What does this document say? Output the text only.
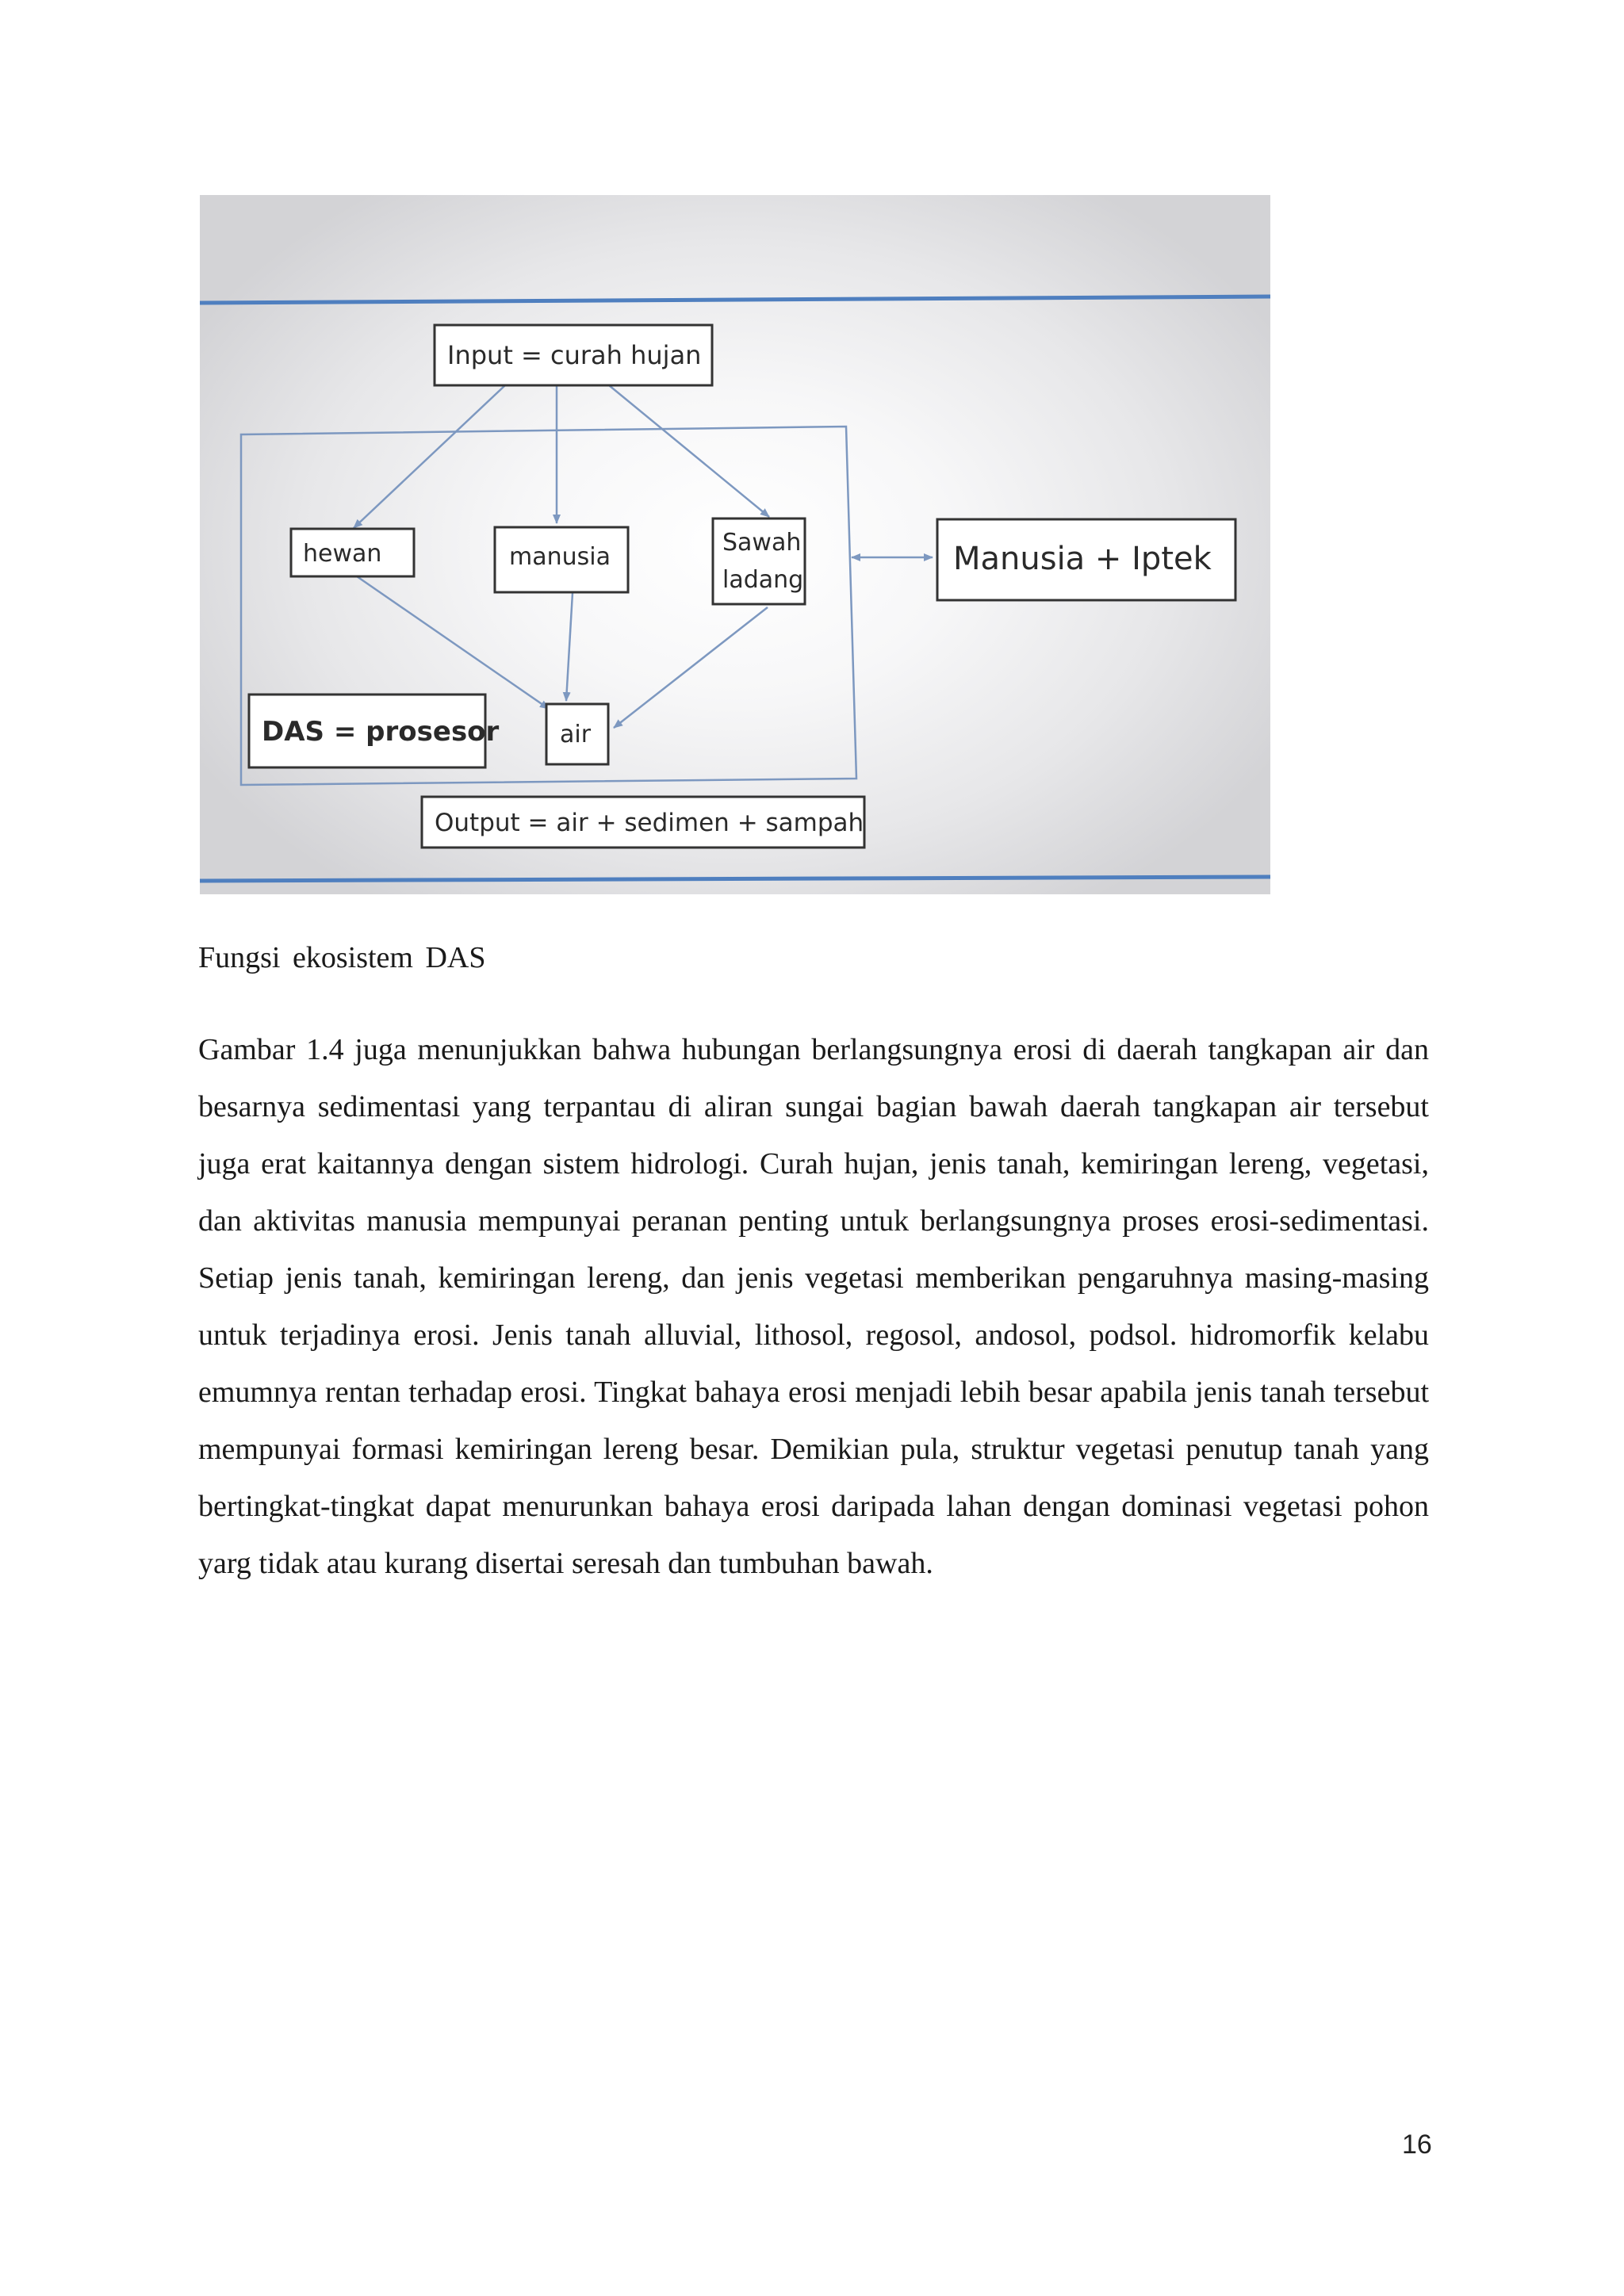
Input = curah hujan
hewan	manusia
Sawah
ladang
Manusia + Iptek
DAS = prosesor	air
Output = air + sedimen + sampah
Fungsi ekosistem DAS

Gambar 1.4 juga menunjukkan bahwa hubungan berlangsungnya erosi di daerah tangkapan air dan besarnya sedimentasi yang terpantau di aliran sungai bagian bawah daerah tangkapan air tersebut juga erat kaitannya dengan sistem hidrologi. Curah hujan, jenis tanah, kemiringan lereng, vegetasi, dan aktivitas manusia mempunyai peranan penting untuk berlangsungnya proses erosi-sedimentasi. Setiap jenis tanah, kemiringan lereng, dan jenis vegetasi memberikan pengaruhnya masing-masing untuk terjadinya erosi. Jenis tanah alluvial, lithosol, regosol, andosol, podsol. hidromorfik kelabu emumnya rentan terhadap erosi. Tingkat bahaya erosi menjadi lebih besar apabila jenis tanah tersebut mempunyai formasi kemiringan lereng besar. Demikian pula, struktur vegetasi penutup tanah yang bertingkat-tingkat dapat menurunkan bahaya erosi daripada lahan dengan dominasi vegetasi pohon yarg tidak atau kurang disertai seresah dan tumbuhan bawah.

16
